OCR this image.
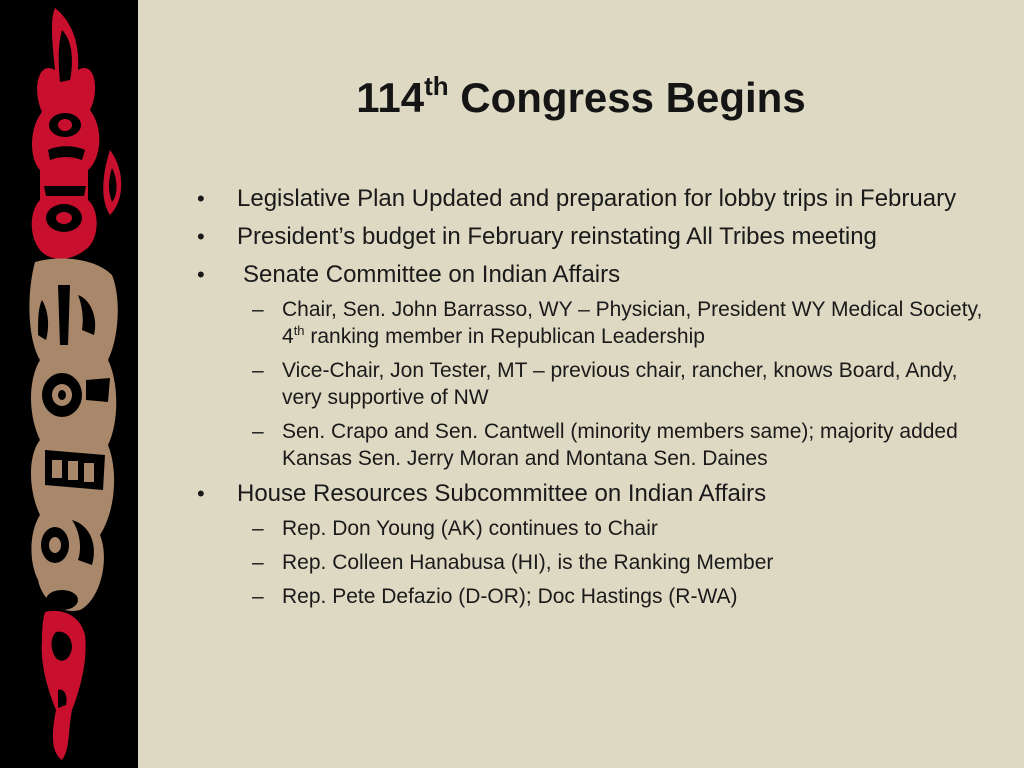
114th Congress Begins
•	Legislative Plan Updated and preparation for lobby trips in February
•	President’s budget in February reinstating All Tribes meeting
•	Senate Committee on Indian Affairs
– Chair, Sen. John Barrasso, WY – Physician, President WY Medical Society, 4th ranking member in Republican Leadership
– Vice-Chair, Jon Tester, MT – previous chair, rancher, knows Board, Andy, very supportive of NW
– Sen. Crapo and Sen. Cantwell (minority members same); majority added Kansas Sen. Jerry Moran and Montana Sen. Daines
•	House Resources Subcommittee on Indian Affairs
– Rep. Don Young (AK) continues to Chair
– Rep. Colleen Hanabusa (HI), is the Ranking Member
– Rep. Pete Defazio (D-OR); Doc Hastings (R-WA)
